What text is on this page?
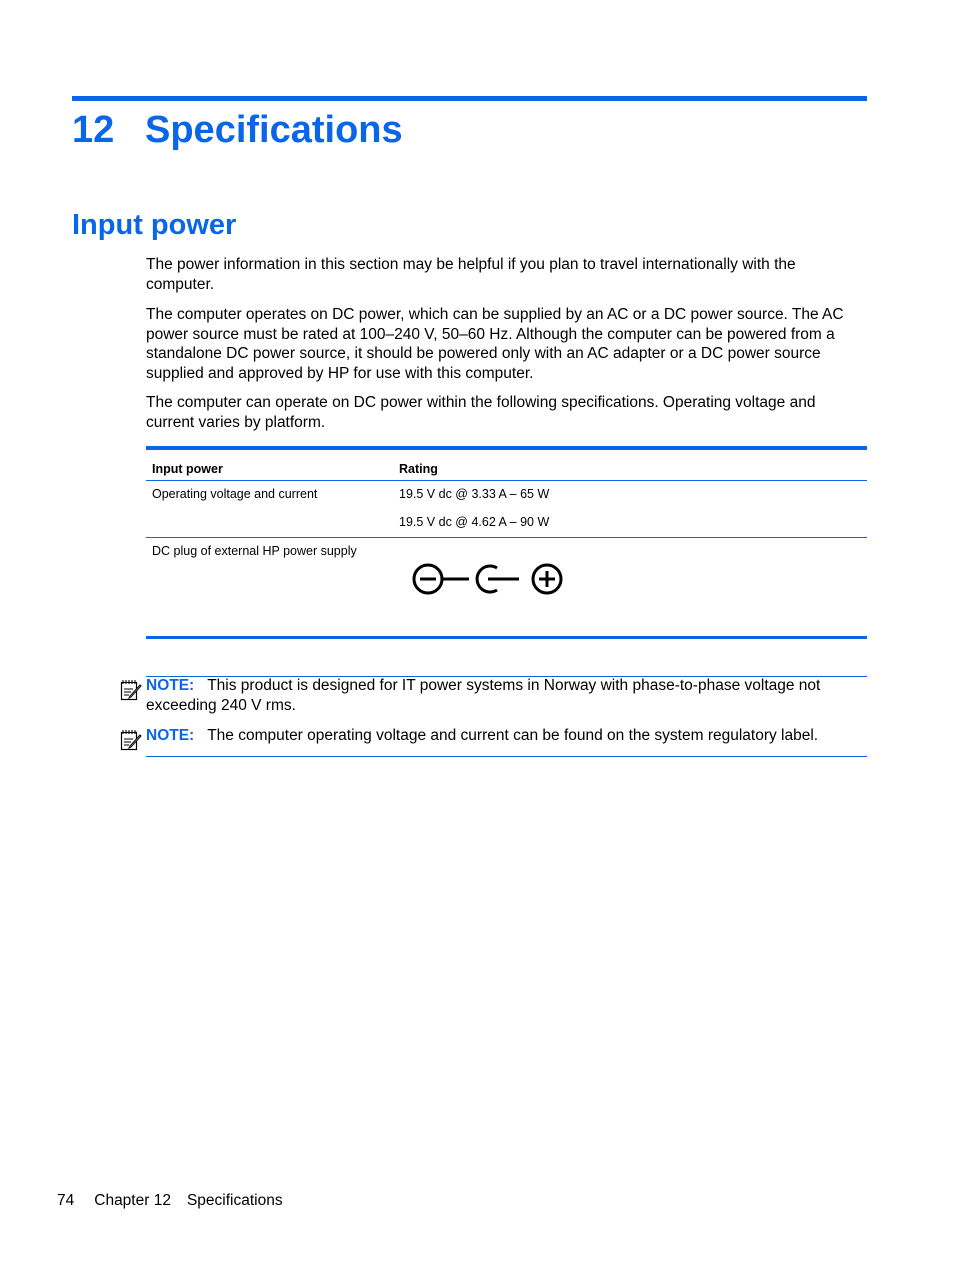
12 Specifications
Input power

The power information in this section may be helpful if you plan to travel internationally with the computer.

The computer operates on DC power, which can be supplied by an AC or a DC power source. The AC power source must be rated at 100–240 V, 50–60 Hz. Although the computer can be powered from a standalone DC power source, it should be powered only with an AC adapter or a DC power source supplied and approved by HP for use with this computer.

The computer can operate on DC power within the following specifications. Operating voltage and current varies by platform.

Input power	Rating
Operating voltage and current	19.5 V dc @ 3.33 A – 65 W
19.5 V dc @ 4.62 A – 90 W
DC plug of external HP power supply
NOTE: This product is designed for IT power systems in Norway with phase-to-phase voltage not exceeding 240 V rms.
NOTE: The computer operating voltage and current can be found on the system regulatory label.
74 Chapter 12 Specifications
